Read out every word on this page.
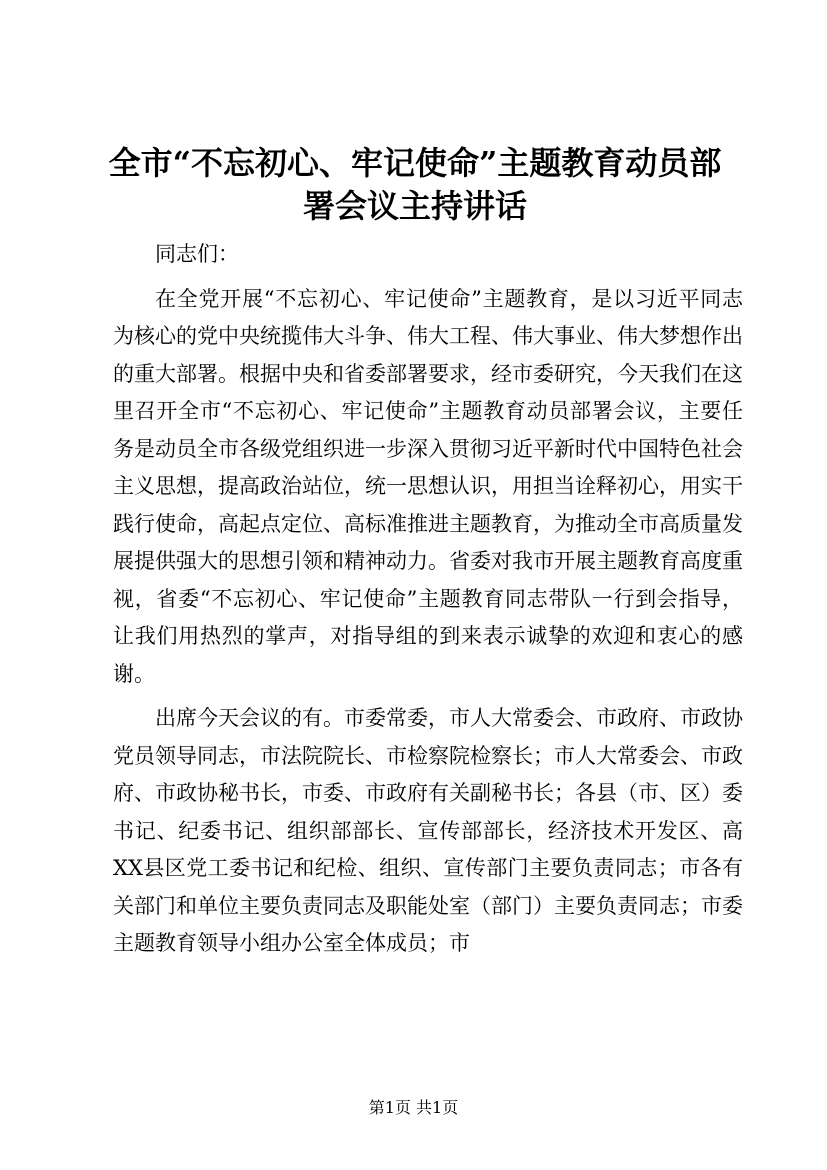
全市“不忘初心、牢记使命”主题教育动员部
署会议主持讲话

同志们：

在全党开展“不忘初心、牢记使命”主题教育，是以习近平同志为核心的党中央统揽伟大斗争、伟大工程、伟大事业、伟大梦想作出的重大部署。根据中央和省委部署要求，经市委研究，今天我们在这里召开全市“不忘初心、牢记使命”主题教育动员部署会议，主要任务是动员全市各级党组织进一步深入贯彻习近平新时代中国特色社会主义思想，提高政治站位，统一思想认识，用担当诠释初心，用实干践行使命，高起点定位、高标准推进主题教育，为推动全市高质量发展提供强大的思想引领和精神动力。省委对我市开展主题教育高度重视，省委“不忘初心、牢记使命”主题教育同志带队一行到会指导，让我们用热烈的掌声，对指导组的到来表示诚挚的欢迎和衷心的感谢。

出席今天会议的有。市委常委，市人大常委会、市政府、市政协党员领导同志，市法院院长、市检察院检察长；市人大常委会、市政府、市政协秘书长，市委、市政府有关副秘书长；各县（市、区）委书记、纪委书记、组织部部长、宣传部部长，经济技术开发区、高XX县区党工委书记和纪检、组织、宣传部门主要负责同志；市各有关部门和单位主要负责同志及职能处室（部门）主要负责同志；市委主题教育领导小组办公室全体成员；市

第1页 共1页
